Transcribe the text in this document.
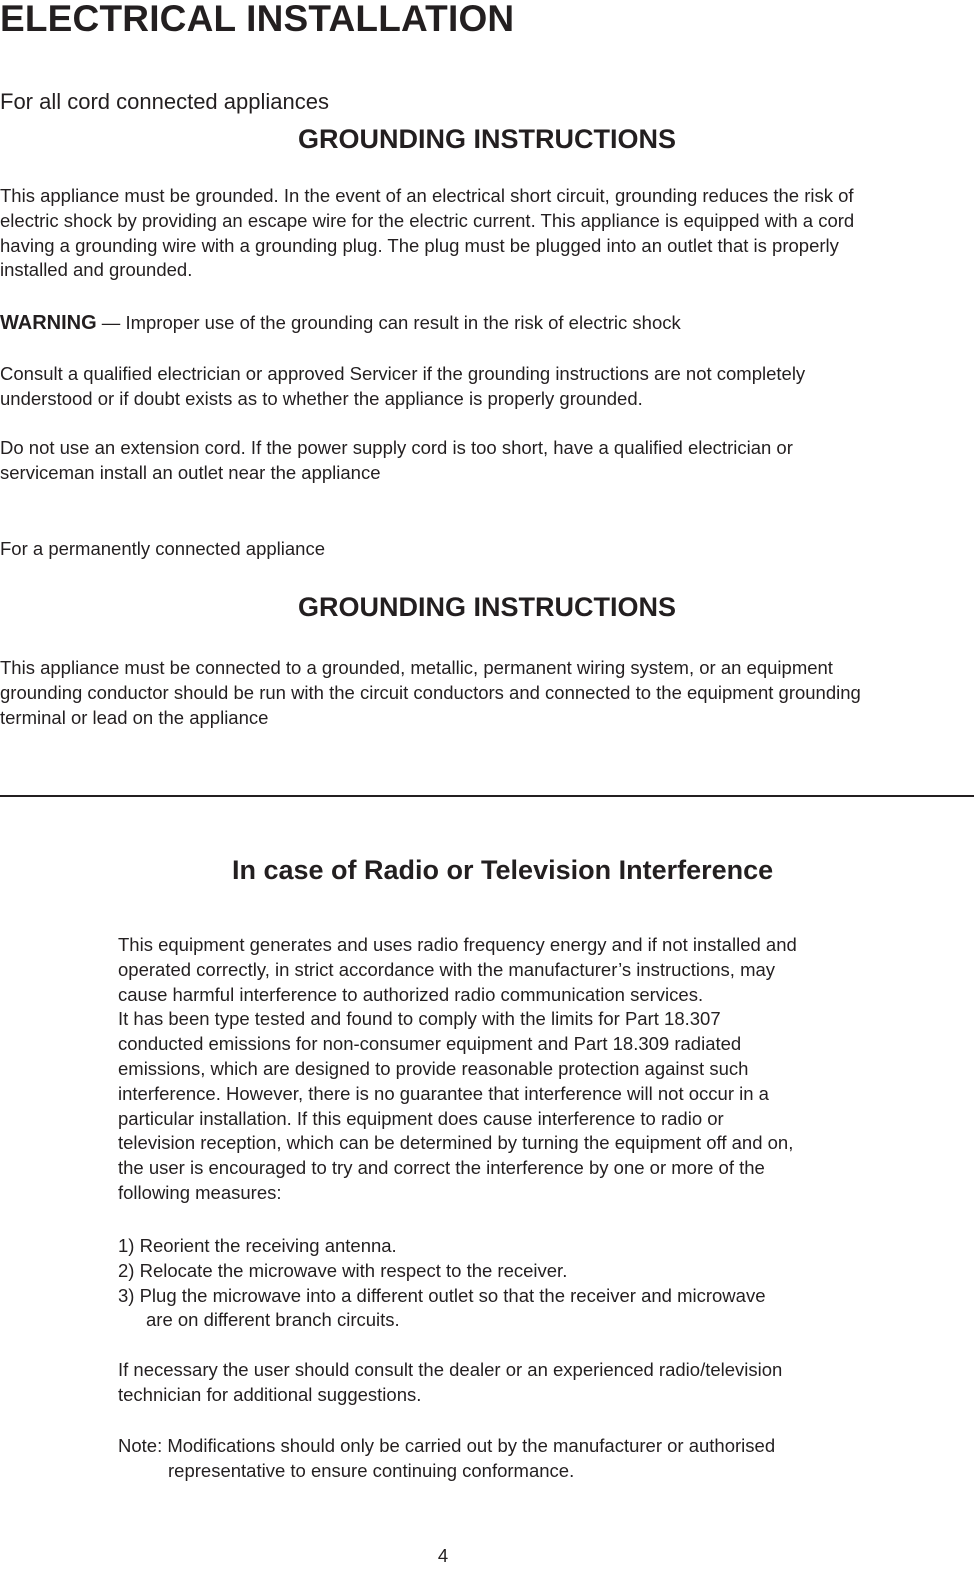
ELECTRICAL INSTALLATION

For all cord connected appliances

GROUNDING INSTRUCTIONS
This appliance must be grounded. In the event of an electrical short circuit, grounding reduces the risk of
electric shock by providing an escape wire for the electric current. This appliance is equipped with a cord
having a grounding wire with a grounding plug. The plug must be plugged into an outlet that is properly
installed and grounded.

WARNING — Improper use of the grounding can result in the risk of electric shock

Consult a qualified electrician or approved Servicer if the grounding instructions are not completely
understood or if doubt exists as to whether the appliance is properly grounded.
Do not use an extension cord. If the power supply cord is too short, have a qualified electrician or
serviceman install an outlet near the appliance

For a permanently connected appliance

GROUNDING INSTRUCTIONS
This appliance must be connected to a grounded, metallic, permanent wiring system, or an equipment
grounding conductor should be run with the circuit conductors and connected to the equipment grounding
terminal or lead on the appliance
In case of Radio or Television Interference
This equipment generates and uses radio frequency energy and if not installed and
operated correctly, in strict accordance with the manufacturer’s instructions, may
cause harmful interference to authorized radio communication services.
It has been type tested and found to comply with the limits for Part 18.307
conducted emissions for non-consumer equipment and Part 18.309 radiated
emissions, which are designed to provide reasonable protection against such
interference. However, there is no guarantee that interference will not occur in a
particular installation. If this equipment does cause interference to radio or
television reception, which can be determined by turning the equipment off and on,
the user is encouraged to try and correct the interference by one or more of the
following measures:
1) Reorient the receiving antenna.
2) Relocate the microwave with respect to the receiver.
3) Plug the microwave into a different outlet so that the receiver and microwave
are on different branch circuits.
If necessary the user should consult the dealer or an experienced radio/television
technician for additional suggestions.
Note: Modifications should only be carried out by the manufacturer or authorised
representative to ensure continuing conformance.

4
